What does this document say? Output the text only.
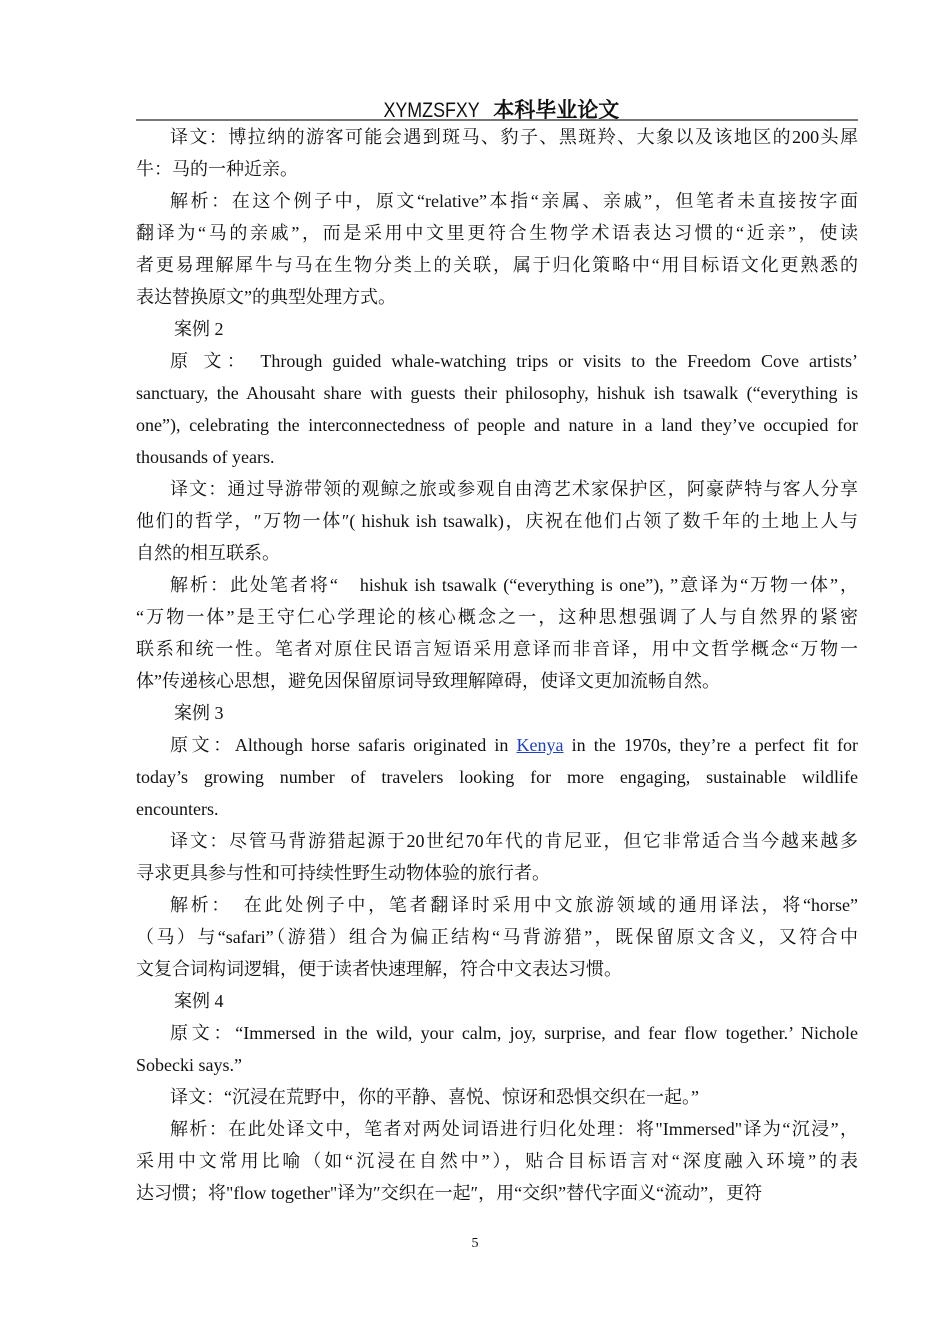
XYMZSFXY 本科毕业论文
译文：博拉纳的游客可能会遇到斑马、豹子、黑斑羚、大象以及该地区的200头犀
牛：马的一种近亲。
解析：在这个例子中，原文“relative”本指“亲属、亲戚”，但笔者未直接按字面
翻译为“马的亲戚”，而是采用中文里更符合生物学术语表达习惯的“近亲”，使读
者更易理解犀牛与马在生物分类上的关联，属于归化策略中“用目标语文化更熟悉的
表达替换原文”的典型处理方式。
案例 2
原 文： Through guided whale-watching trips or visits to the Freedom Cove artists’
sanctuary, the Ahousaht share with guests their philosophy, hishuk ish tsawalk (“everything is
one”), celebrating the interconnectedness of people and nature in a land they’ve occupied for
thousands of years.
译文：通过导游带领的观鲸之旅或参观自由湾艺术家保护区，阿豪萨特与客人分享
他们的哲学，″万物一体″( hishuk ish tsawalk)，庆祝在他们占领了数千年的土地上人与
自然的相互联系。
解析：此处笔者将“　hishuk ish tsawalk (“everything is one”), ”意译为“万物一体”，
“万物一体”是王守仁心学理论的核心概念之一，这种思想强调了人与自然界的紧密
联系和统一性。笔者对原住民语言短语采用意译而非音译，用中文哲学概念“万物一
体”传递核心思想，避免因保留原词导致理解障碍，使译文更加流畅自然。
案例 3
原文：Although horse safaris originated in Kenya in the 1970s, they’re a perfect fit for
today’s growing number of travelers looking for more engaging, sustainable wildlife
encounters.
译文：尽管马背游猎起源于20世纪70年代的肯尼亚，但它非常适合当今越来越多
寻求更具参与性和可持续性野生动物体验的旅行者。
解析：　在此处例子中，笔者翻译时采用中文旅游领域的通用译法，将“horse”
（马）与“safari”（游猎）组合为偏正结构“马背游猎”，既保留原文含义，又符合中
文复合词构词逻辑，便于读者快速理解，符合中文表达习惯。
案例 4
原文：“Immersed in the wild, your calm, joy, surprise, and fear flow together.’ Nichole
Sobecki says.”
译文：“沉浸在荒野中，你的平静、喜悦、惊讶和恐惧交织在一起。”
解析：在此处译文中，笔者对两处词语进行归化处理：将"Immersed"译为“沉浸”，
采用中文常用比喻（如“沉浸在自然中”），贴合目标语言对“深度融入环境”的表
达习惯；将"flow together"译为″交织在一起″，用“交织”替代字面义“流动”，更符
5
